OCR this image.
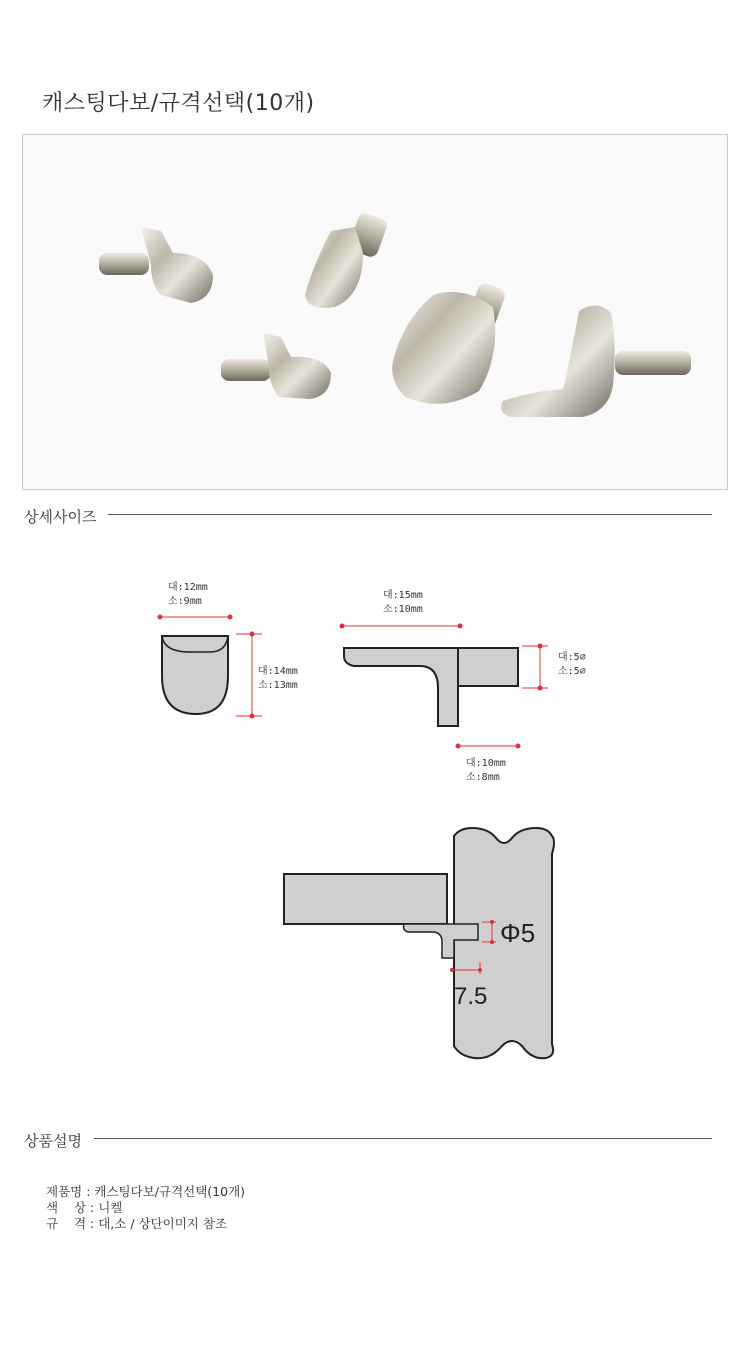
캐스팅다보/규격선택(10개)
상세사이즈
대:12mm
소:9mm
대:14mm
소:13mm
대:15mm
소:10mm
대:5⌀
소:5⌀
대:10mm
소:8mm
Φ5
7.5
상품설명
제품명 : 캐스팅다보/규격선택(10개)
색    상 : 니켈
규    격 : 대,소 / 상단이미지 참조
